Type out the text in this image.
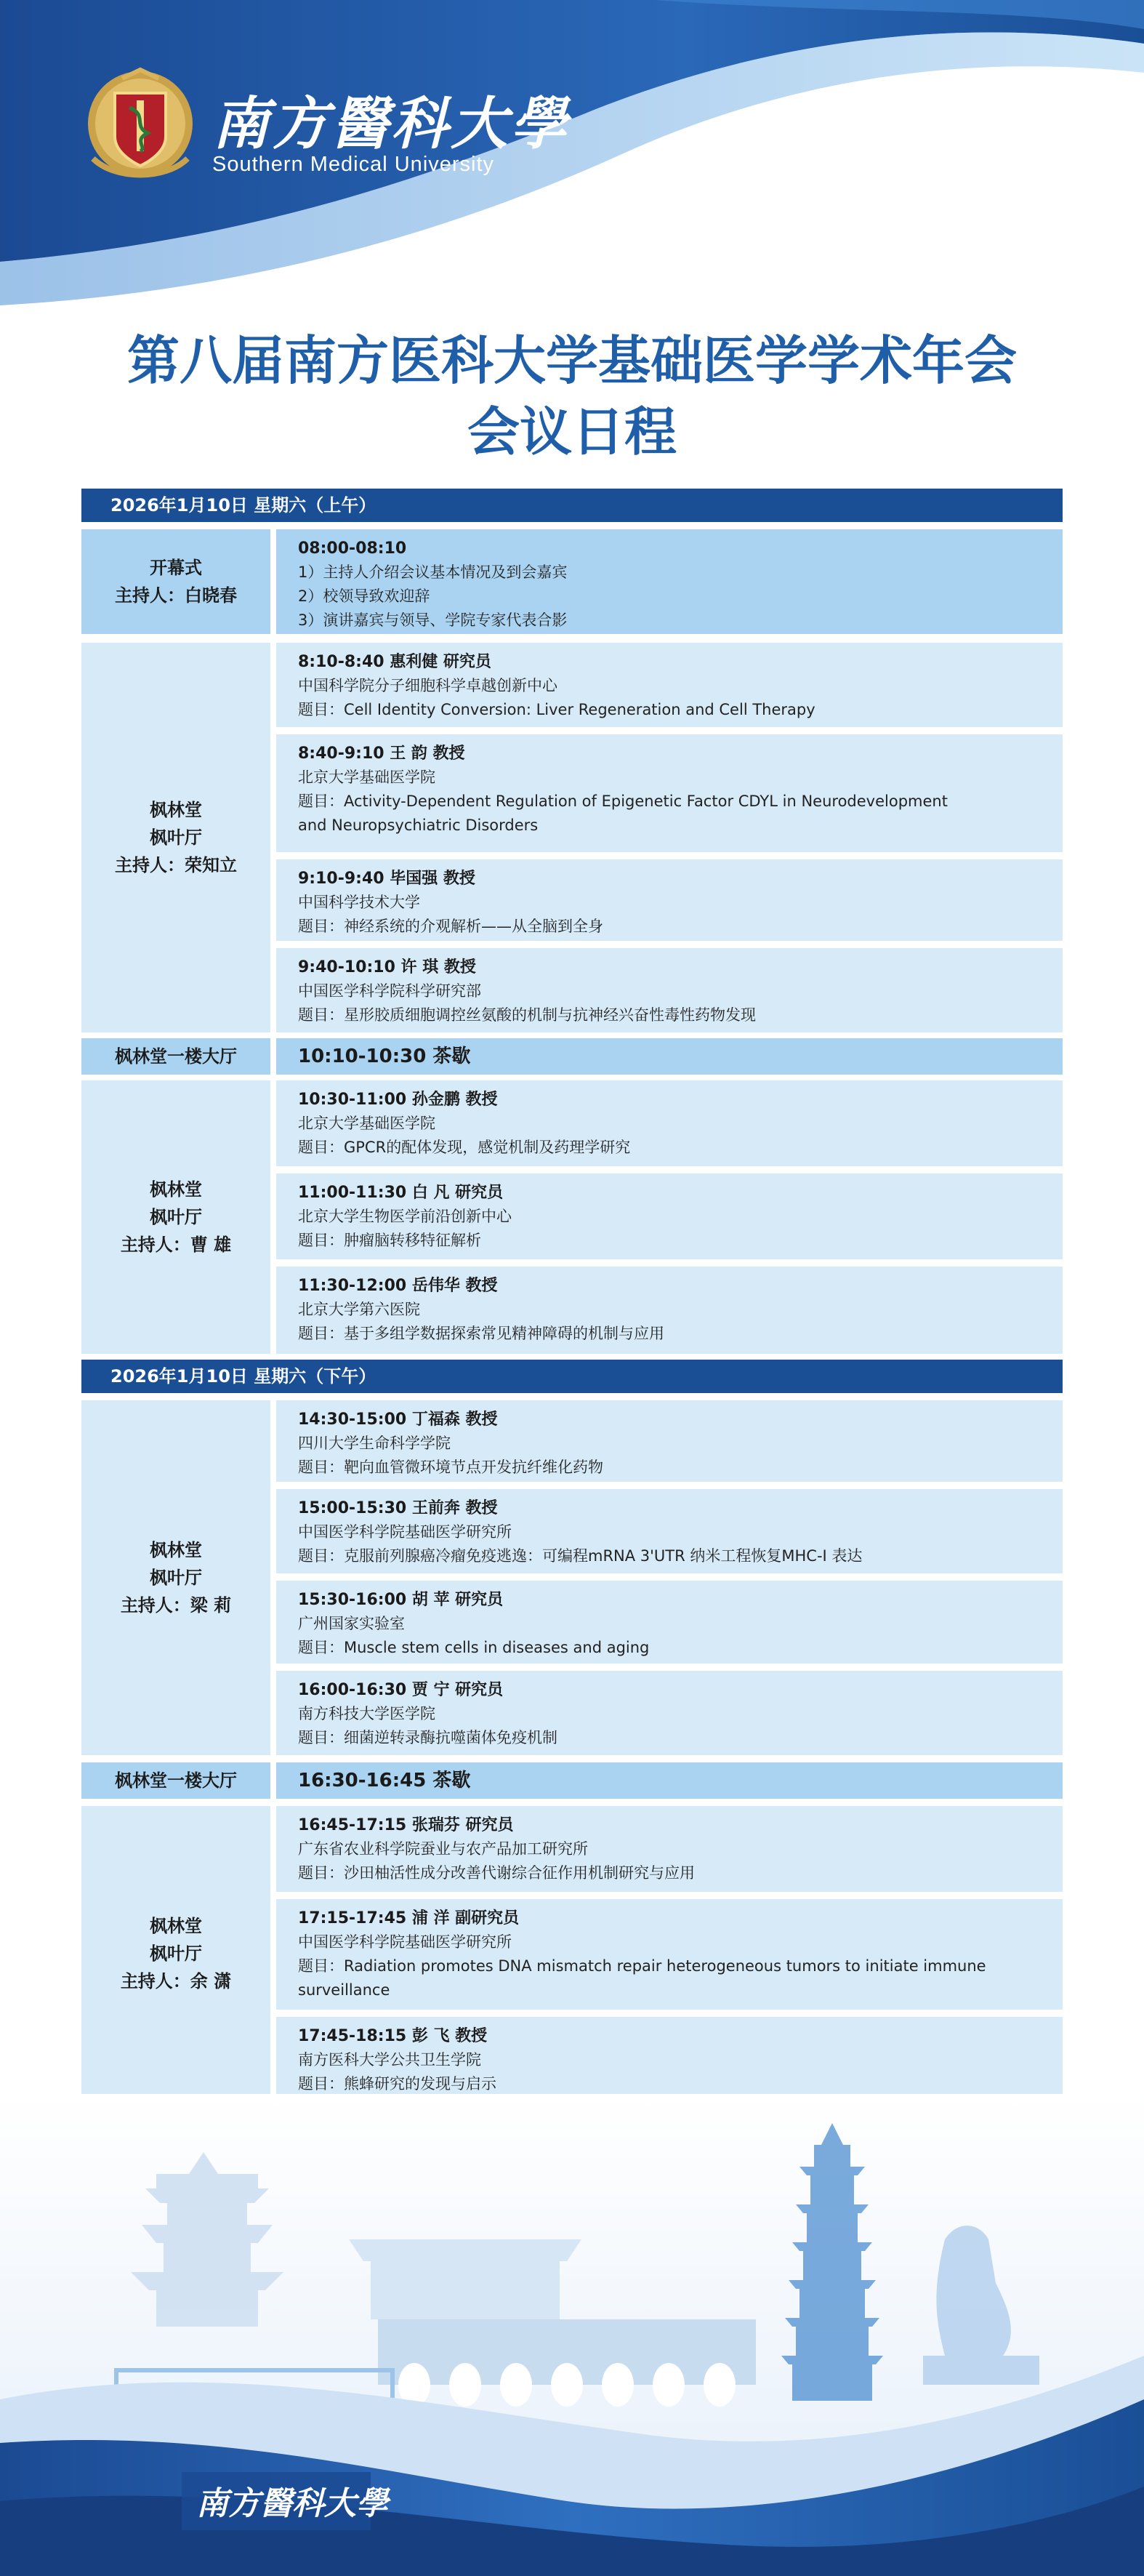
南方醫科大學
Southern Medical University
第八届南方医科大学基础医学学术年会
会议日程
2026年1月10日 星期六（上午）
开幕式
主持人：白晓春
08:00-08:10
1）主持人介绍会议基本情况及到会嘉宾
2）校领导致欢迎辞
3）演讲嘉宾与领导、学院专家代表合影
枫林堂
枫叶厅
主持人：荣知立
8:10-8:40 惠利健 研究员
中国科学院分子细胞科学卓越创新中心
题目：Cell Identity Conversion: Liver Regeneration and Cell Therapy
8:40-9:10 王 韵 教授
北京大学基础医学院
题目：Activity-Dependent Regulation of Epigenetic Factor CDYL in Neurodevelopment
and Neuropsychiatric Disorders
9:10-9:40 毕国强 教授
中国科学技术大学
题目：神经系统的介观解析——从全脑到全身
9:40-10:10 许 琪 教授
中国医学科学院科学研究部
题目：星形胶质细胞调控丝氨酸的机制与抗神经兴奋性毒性药物发现
枫林堂一楼大厅	10:10-10:30 茶歇
枫林堂
枫叶厅
主持人：曹 雄
10:30-11:00 孙金鹏 教授
北京大学基础医学院
题目：GPCR的配体发现，感觉机制及药理学研究
11:00-11:30 白 凡 研究员
北京大学生物医学前沿创新中心
题目：肿瘤脑转移特征解析
11:30-12:00 岳伟华 教授
北京大学第六医院
题目：基于多组学数据探索常见精神障碍的机制与应用
2026年1月10日 星期六（下午）
枫林堂
枫叶厅
主持人：梁 莉
14:30-15:00 丁福森 教授
四川大学生命科学学院
题目：靶向血管微环境节点开发抗纤维化药物
15:00-15:30 王前奔 教授
中国医学科学院基础医学研究所
题目：克服前列腺癌冷瘤免疫逃逸：可编程mRNA 3'UTR 纳米工程恢复MHC-I 表达
15:30-16:00 胡 苹 研究员
广州国家实验室
题目：Muscle stem cells in diseases and aging
16:00-16:30 贾 宁 研究员
南方科技大学医学院
题目：细菌逆转录酶抗噬菌体免疫机制
枫林堂一楼大厅	16:30-16:45 茶歇
枫林堂
枫叶厅
主持人：余 潇
16:45-17:15 张瑞芬 研究员
广东省农业科学院蚕业与农产品加工研究所
题目：沙田柚活性成分改善代谢综合征作用机制研究与应用
17:15-17:45 浦 洋 副研究员
中国医学科学院基础医学研究所
题目：Radiation promotes DNA mismatch repair heterogeneous tumors to initiate immune
surveillance
17:45-18:15 彭 飞 教授
南方医科大学公共卫生学院
题目：熊蜂研究的发现与启示
南方醫科大學
